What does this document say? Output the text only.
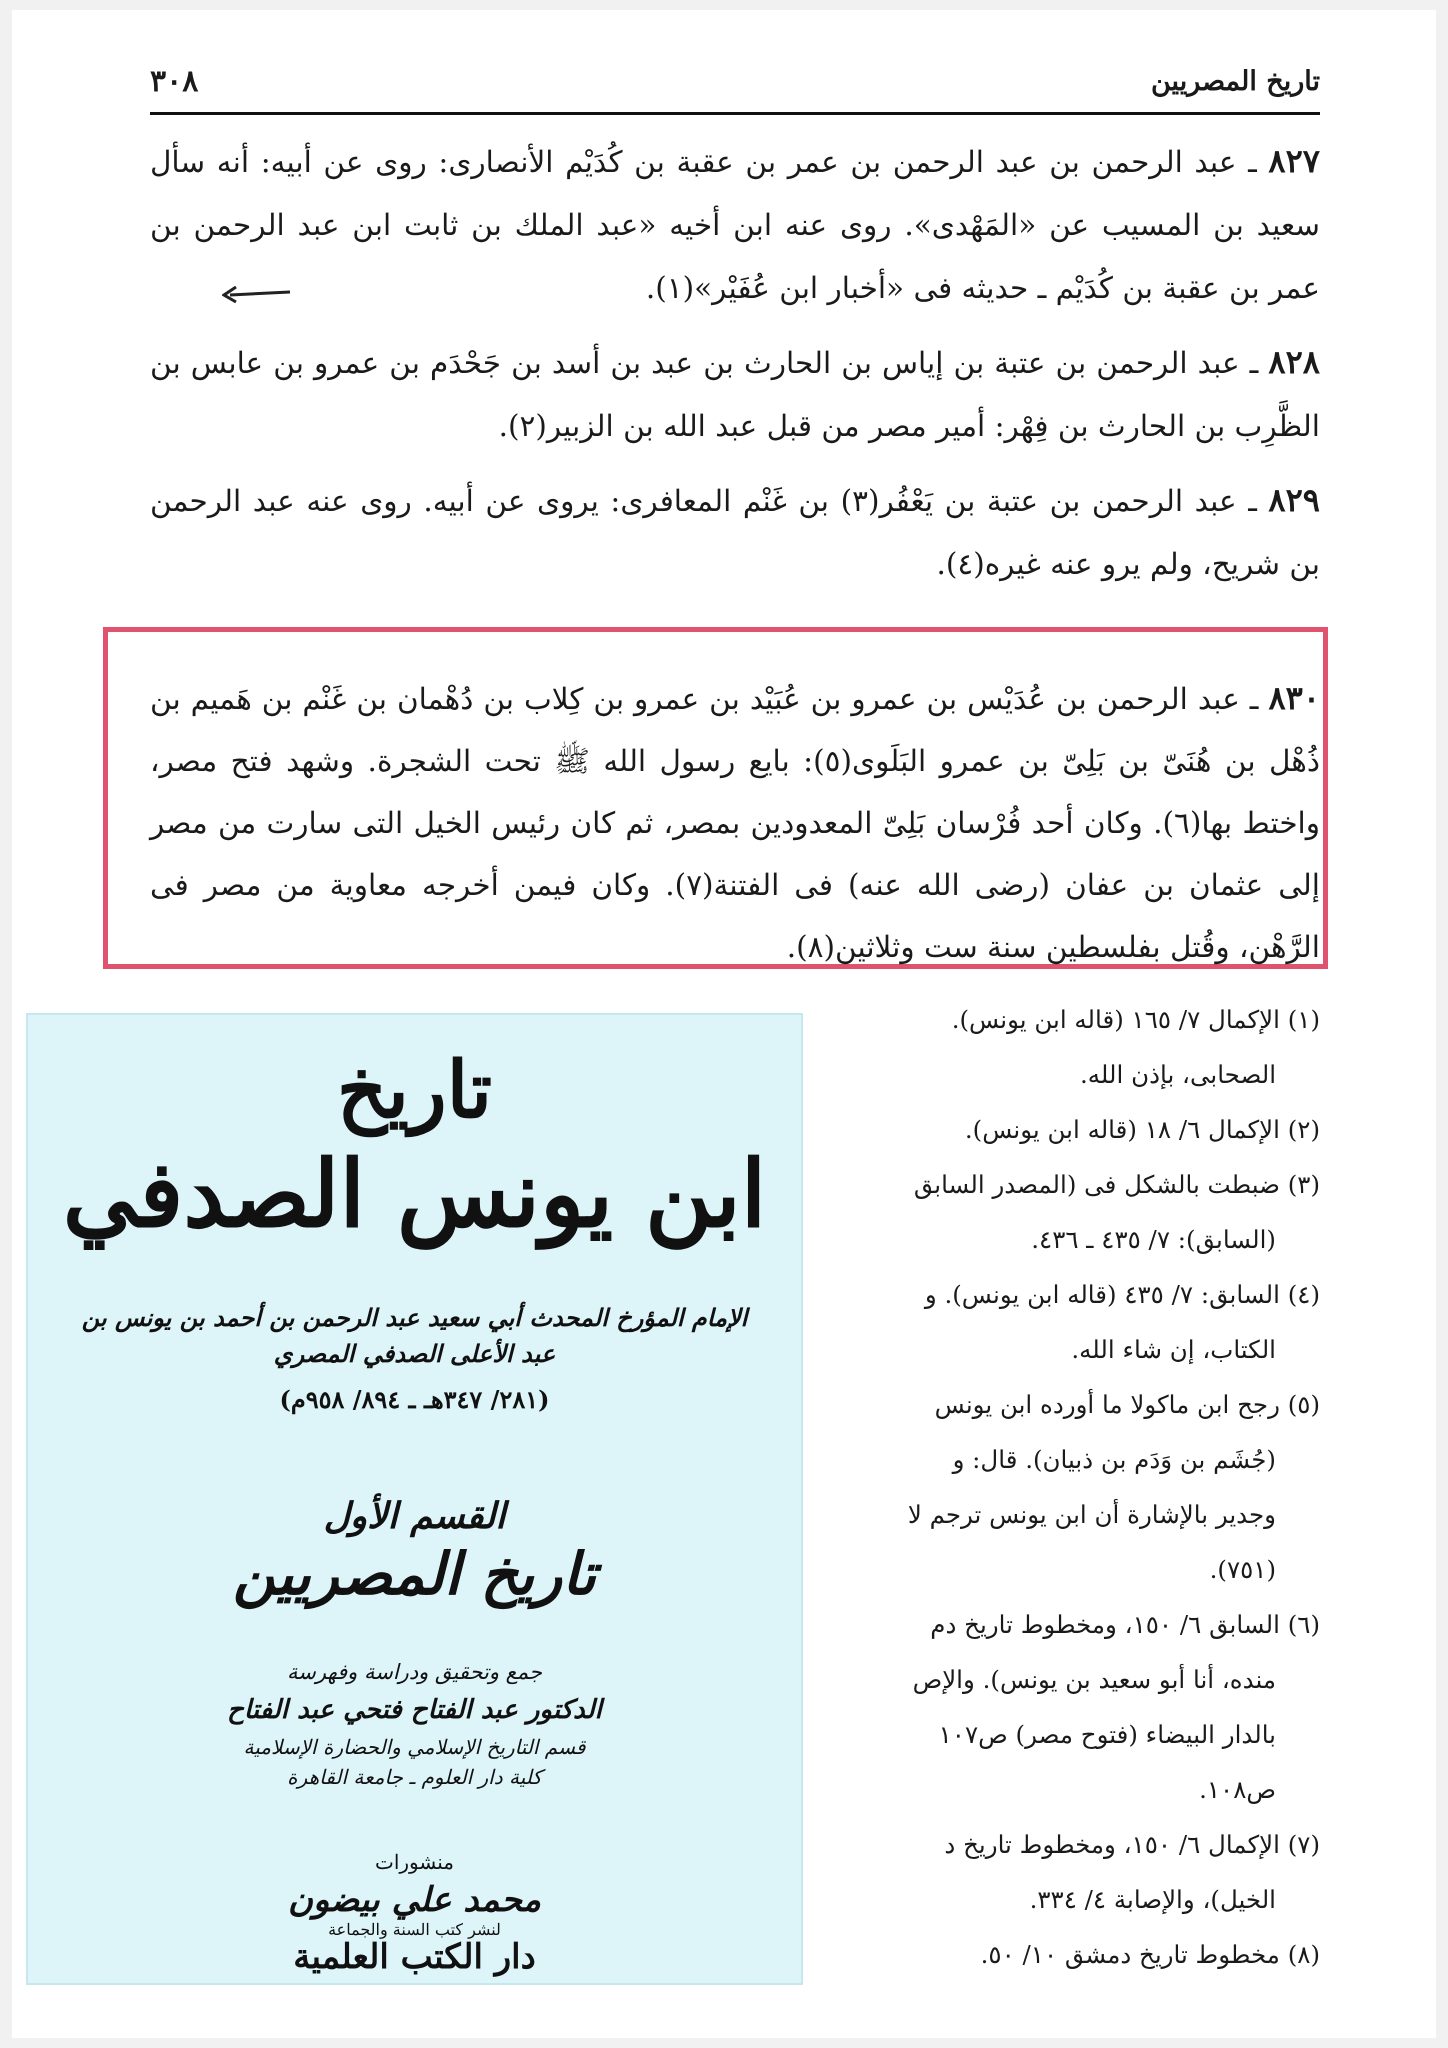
تاريخ المصريين
٣٠٨

٨٢٧ ـ عبد الرحمن بن عبد الرحمن بن عمر بن عقبة بن كُدَيْم الأنصارى: روى عن أبيه: أنه سأل سعيد بن المسيب عن «المَهْدى». روى عنه ابن أخيه «عبد الملك بن ثابت ابن عبد الرحمن بن عمر بن عقبة بن كُدَيْم ـ حديثه فى «أخبار ابن عُفَيْر»(١).

٨٢٨ ـ عبد الرحمن بن عتبة بن إياس بن الحارث بن عبد بن أسد بن جَحْدَم بن عمرو بن عابس بن الظَّرِب بن الحارث بن فِهْر: أمير مصر من قبل عبد الله بن الزبير(٢).

٨٢٩ ـ عبد الرحمن بن عتبة بن يَعْفُر(٣) بن غَنْم المعافرى: يروى عن أبيه. روى عنه عبد الرحمن بن شريح، ولم يرو عنه غيره(٤).

٨٣٠ ـ عبد الرحمن بن عُدَيْس بن عمرو بن عُبَيْد بن عمرو بن كِلاب بن دُهْمان بن غَنْم بن هَميم بن ذُهْل بن هُنَىّ بن بَلِىّ بن عمرو البَلَوى(٥): بايع رسول الله ﷺ تحت الشجرة. وشهد فتح مصر، واختط بها(٦). وكان أحد فُرْسان بَلِىّ المعدودين بمصر، ثم كان رئيس الخيل التى سارت من مصر إلى عثمان بن عفان (رضى الله عنه) فى الفتنة(٧). وكان فيمن أخرجه معاوية من مصر فى الرَّهْن، وقُتل بفلسطين سنة ست وثلاثين(٨).

(١) الإكمال ٧/ ١٦٥ (قاله ابن يونس).
الصحابى، بإذن الله.

(٢) الإكمال ٦/ ١٨ (قاله ابن يونس).

(٣) ضبطت بالشكل فى (المصدر السابق
(السابق): ٧/ ٤٣٥ ـ ٤٣٦.

(٤) السابق: ٧/ ٤٣٥ (قاله ابن يونس). و
الكتاب، إن شاء الله.

(٥) رجح ابن ماكولا ما أورده ابن يونس
(جُشَم بن وَدَم بن ذبيان). قال: و
وجدير بالإشارة أن ابن يونس ترجم لا
(٧٥١).

(٦) السابق ٦/ ١٥٠، ومخطوط تاريخ دم
منده، أنا أبو سعيد بن يونس). والإص
بالدار البيضاء (فتوح مصر) ص١٠٧
ص١٠٨.

(٧) الإكمال ٦/ ١٥٠، ومخطوط تاريخ د
الخيل)، والإصابة ٤/ ٣٣٤.

(٨) مخطوط تاريخ دمشق ١٠/ ٥٠.

تاريخ
ابن يونس الصدفي
الإمام المؤرخ المحدث أبي سعيد عبد الرحمن بن أحمد بن يونس بن عبد الأعلى الصدفي المصري
(٢٨١/ ٣٤٧هـ ـ ٨٩٤/ ٩٥٨م)
القسم الأول
تاريخ المصريين
جمع وتحقيق ودراسة وفهرسة
الدكتور عبد الفتاح فتحي عبد الفتاح
قسم التاريخ الإسلامي والحضارة الإسلامية
كلية دار العلوم ـ جامعة القاهرة
منشورات
محمد علي بيضون
لنشر كتب السنة والجماعة
دار الكتب العلمية
